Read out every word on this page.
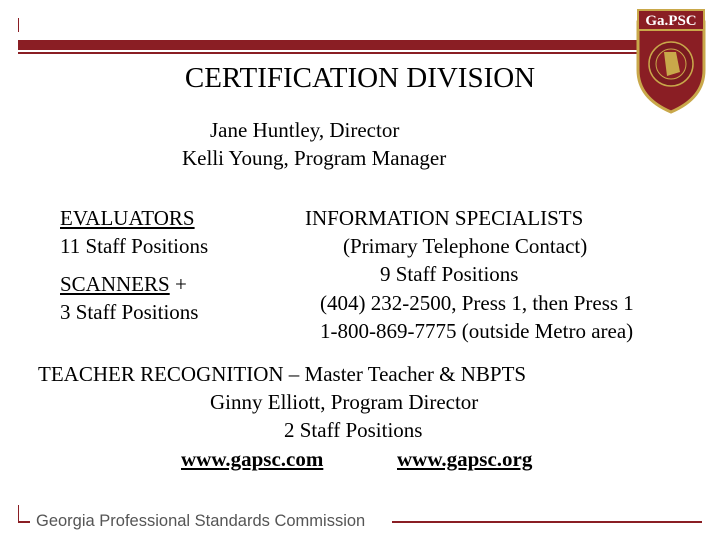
Ga.PSC
CERTIFICATION DIVISION
Jane Huntley, Director
Kelli Young, Program Manager
EVALUATORS
11 Staff Positions
SCANNERS +
3 Staff Positions
INFORMATION SPECIALISTS
(Primary Telephone Contact)
9 Staff Positions
(404) 232-2500, Press 1, then Press 1
1-800-869-7775 (outside Metro area)
TEACHER RECOGNITION – Master Teacher & NBPTS
Ginny Elliott, Program Director
2 Staff Positions
www.gapsc.com	www.gapsc.org
Georgia Professional Standards Commission
